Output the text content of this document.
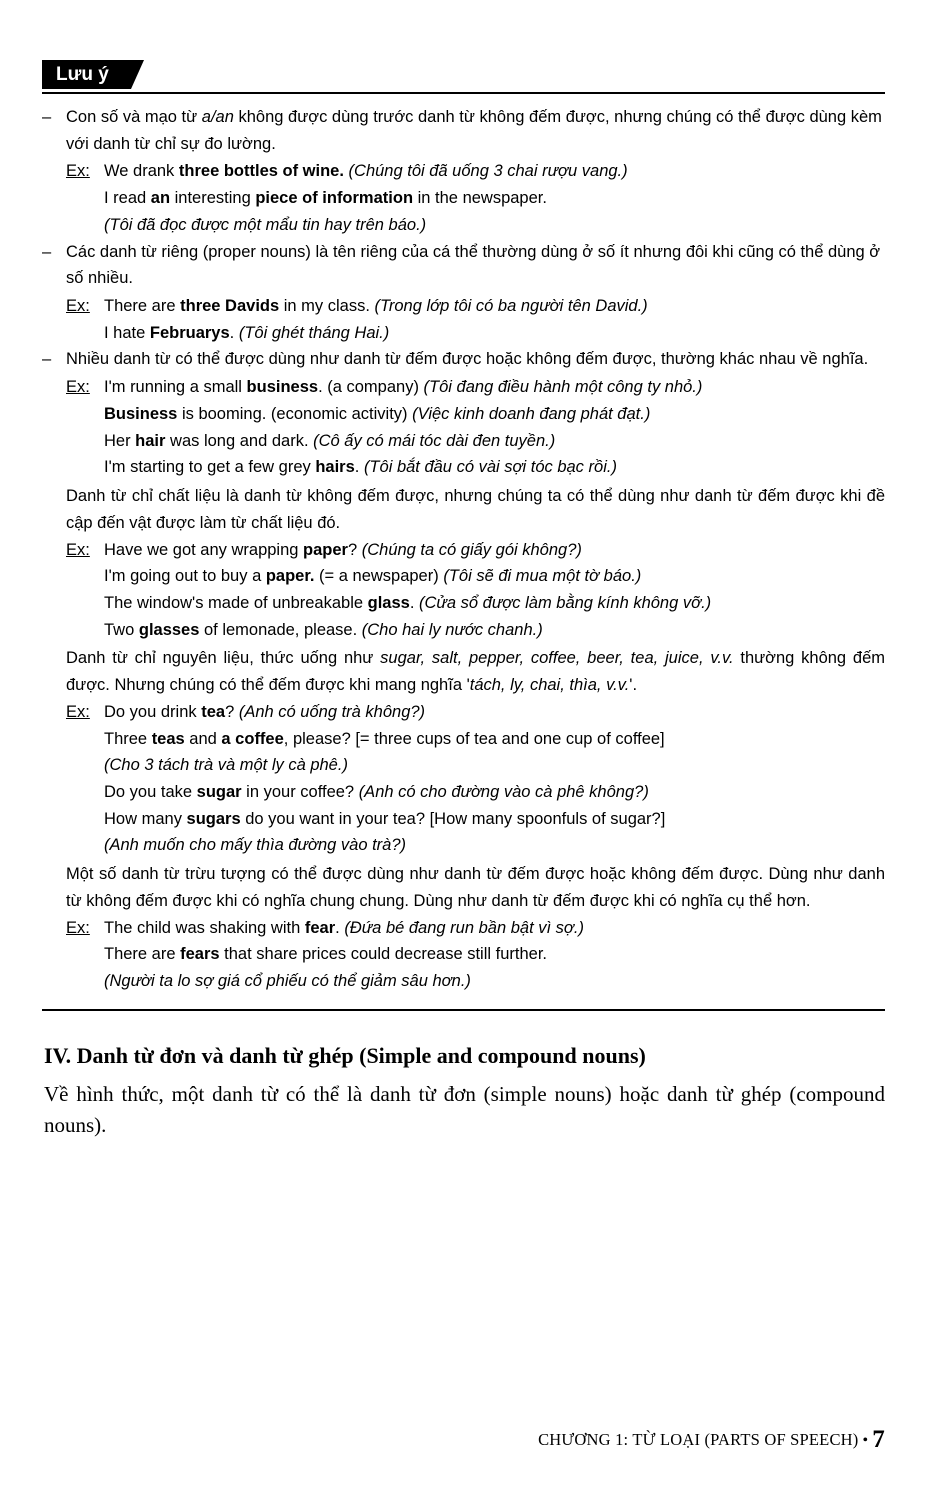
Lưu ý
– Con số và mạo từ a/an không được dùng trước danh từ không đếm được, nhưng chúng có thể được dùng kèm với danh từ chỉ sự đo lường.
Ex: We drank three bottles of wine. (Chúng tôi đã uống 3 chai rượu vang.)
I read an interesting piece of information in the newspaper.
(Tôi đã đọc được một mẩu tin hay trên báo.)
– Các danh từ riêng (proper nouns) là tên riêng của cá thể thường dùng ở số ít nhưng đôi khi cũng có thể dùng ở số nhiều.
Ex: There are three Davids in my class. (Trong lớp tôi có ba người tên David.)
I hate Februarys. (Tôi ghét tháng Hai.)
– Nhiều danh từ có thể được dùng như danh từ đếm được hoặc không đếm được, thường khác nhau về nghĩa.
Ex: I'm running a small business. (a company) (Tôi đang điều hành một công ty nhỏ.)
Business is booming. (economic activity) (Việc kinh doanh đang phát đạt.)
Her hair was long and dark. (Cô ấy có mái tóc dài đen tuyền.)
I'm starting to get a few grey hairs. (Tôi bắt đầu có vài sợi tóc bạc rồi.)
Danh từ chỉ chất liệu là danh từ không đếm được, nhưng chúng ta có thể dùng như danh từ đếm được khi đề cập đến vật được làm từ chất liệu đó.
Ex: Have we got any wrapping paper? (Chúng ta có giấy gói không?)
I'm going out to buy a paper. (= a newspaper) (Tôi sẽ đi mua một tờ báo.)
The window's made of unbreakable glass. (Cửa sổ được làm bằng kính không vỡ.)
Two glasses of lemonade, please. (Cho hai ly nước chanh.)
Danh từ chỉ nguyên liệu, thức uống như sugar, salt, pepper, coffee, beer, tea, juice, v.v. thường không đếm được. Nhưng chúng có thể đếm được khi mang nghĩa 'tách, ly, chai, thìa, v.v.'.
Ex: Do you drink tea? (Anh có uống trà không?)
Three teas and a coffee, please? [= three cups of tea and one cup of coffee]
(Cho 3 tách trà và một ly cà phê.)
Do you take sugar in your coffee? (Anh có cho đường vào cà phê không?)
How many sugars do you want in your tea? [How many spoonfuls of sugar?]
(Anh muốn cho mấy thìa đường vào trà?)
Một số danh từ trừu tượng có thể được dùng như danh từ đếm được hoặc không đếm được. Dùng như danh từ không đếm được khi có nghĩa chung chung. Dùng như danh từ đếm được khi có nghĩa cụ thể hơn.
Ex: The child was shaking with fear. (Đứa bé đang run bần bật vì sợ.)
There are fears that share prices could decrease still further.
(Người ta lo sợ giá cổ phiếu có thể giảm sâu hơn.)
IV. Danh từ đơn và danh từ ghép (Simple and compound nouns)
Về hình thức, một danh từ có thể là danh từ đơn (simple nouns) hoặc danh từ ghép (compound nouns).
CHƯƠNG 1: TỪ LOẠI (PARTS OF SPEECH) • 7
